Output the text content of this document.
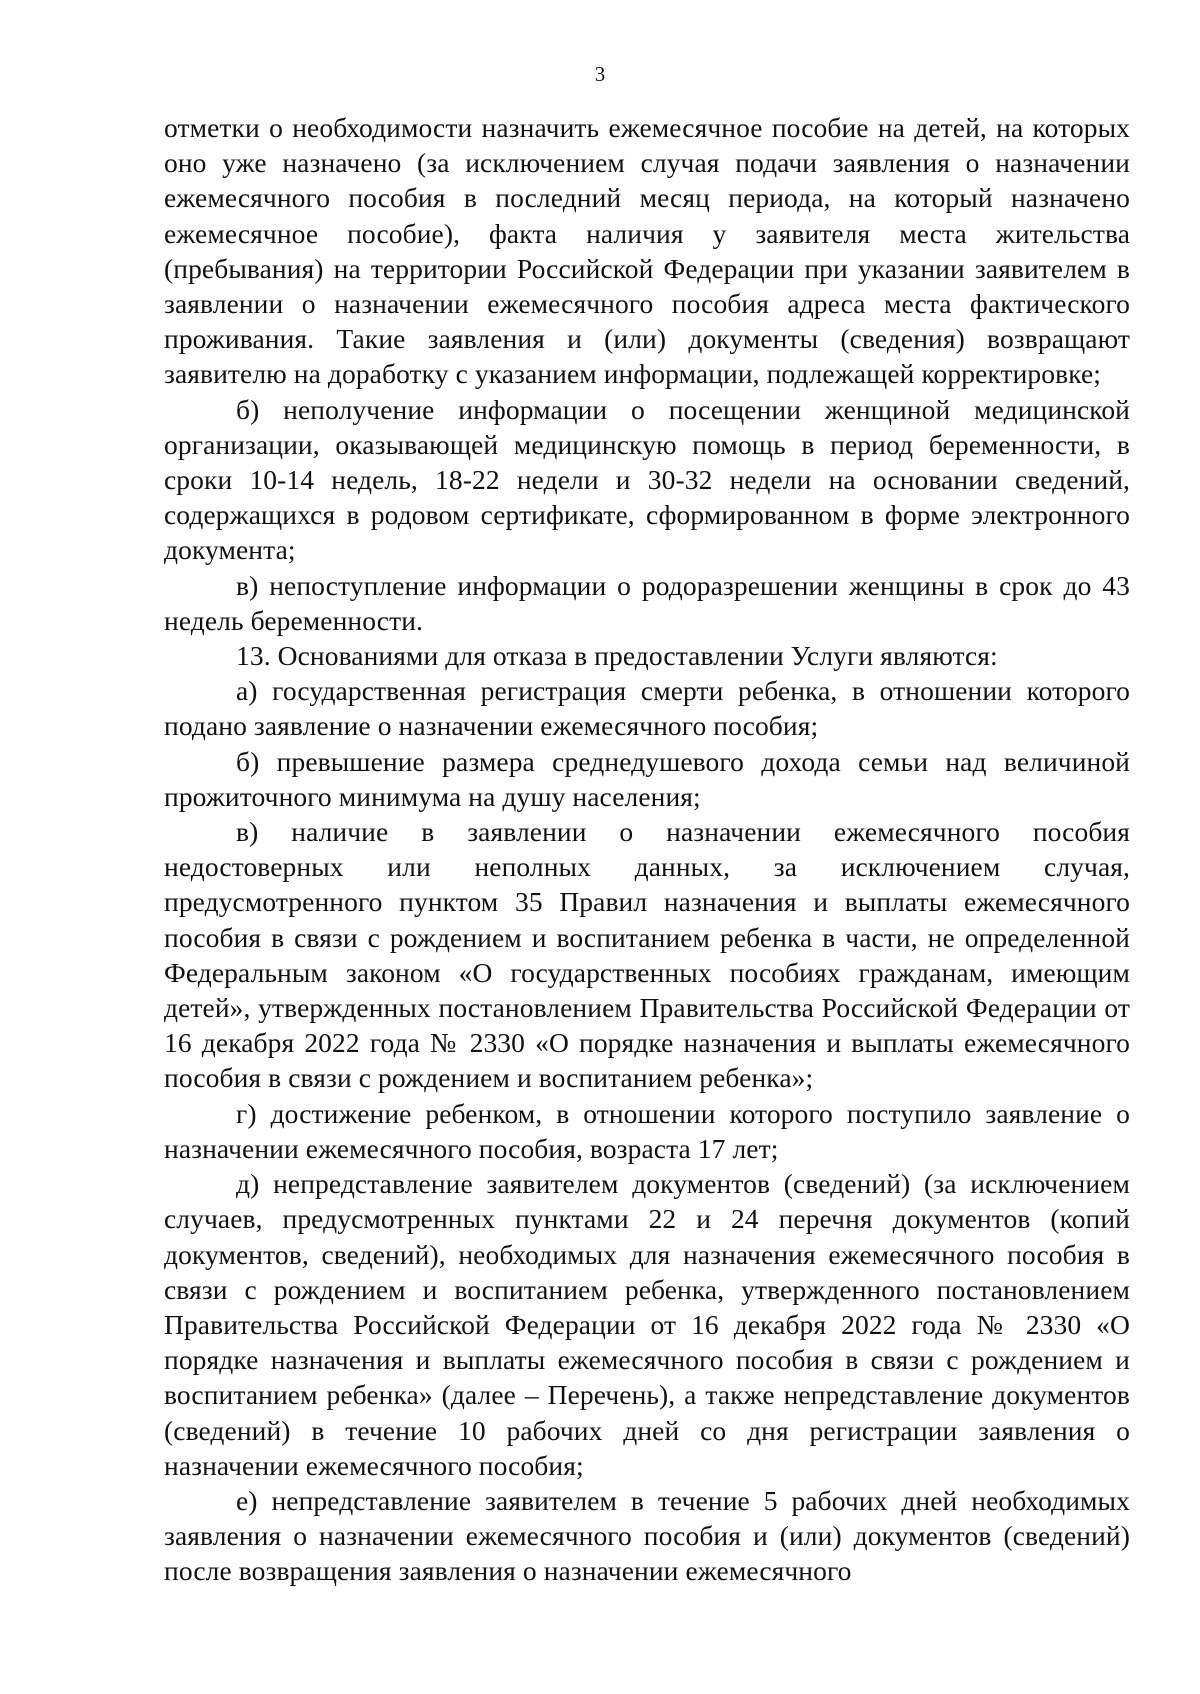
3

отметки о необходимости назначить ежемесячное пособие на детей, на которых оно уже назначено (за исключением случая подачи заявления о назначении ежемесячного пособия в последний месяц периода, на который назначено ежемесячное пособие), факта наличия у заявителя места жительства (пребывания) на территории Российской Федерации при указании заявителем в заявлении о назначении ежемесячного пособия адреса места фактического проживания. Такие заявления и (или) документы (сведения) возвращают заявителю на доработку с указанием информации, подлежащей корректировке;

б) неполучение информации о посещении женщиной медицинской организации, оказывающей медицинскую помощь в период беременности, в сроки 10-14 недель, 18-22 недели и 30-32 недели на основании сведений, содержащихся в родовом сертификате, сформированном в форме электронного документа;

в) непоступление информации о родоразрешении женщины в срок до 43 недель беременности.

13. Основаниями для отказа в предоставлении Услуги являются:

а) государственная регистрация смерти ребенка, в отношении которого подано заявление о назначении ежемесячного пособия;

б) превышение размера среднедушевого дохода семьи над величиной прожиточного минимума на душу населения;

в) наличие в заявлении о назначении ежемесячного пособия недостоверных или неполных данных, за исключением случая, предусмотренного пунктом 35 Правил назначения и выплаты ежемесячного пособия в связи с рождением и воспитанием ребенка в части, не определенной Федеральным законом «О государственных пособиях гражданам, имеющим детей», утвержденных постановлением Правительства Российской Федерации от 16 декабря 2022 года № 2330 «О порядке назначения и выплаты ежемесячного пособия в связи с рождением и воспитанием ребенка»;

г) достижение ребенком, в отношении которого поступило заявление о назначении ежемесячного пособия, возраста 17 лет;

д) непредставление заявителем документов (сведений) (за исключением случаев, предусмотренных пунктами 22 и 24 перечня документов (копий документов, сведений), необходимых для назначения ежемесячного пособия в связи с рождением и воспитанием ребенка, утвержденного постановлением Правительства Российской Федерации от 16 декабря 2022 года № 2330 «О порядке назначения и выплаты ежемесячного пособия в связи с рождением и воспитанием ребенка» (далее – Перечень), а также непредставление документов (сведений) в течение 10 рабочих дней со дня регистрации заявления о назначении ежемесячного пособия;

е) непредставление заявителем в течение 5 рабочих дней необходимых заявления о назначении ежемесячного пособия и (или) документов (сведений) после возвращения заявления о назначении ежемесячного
